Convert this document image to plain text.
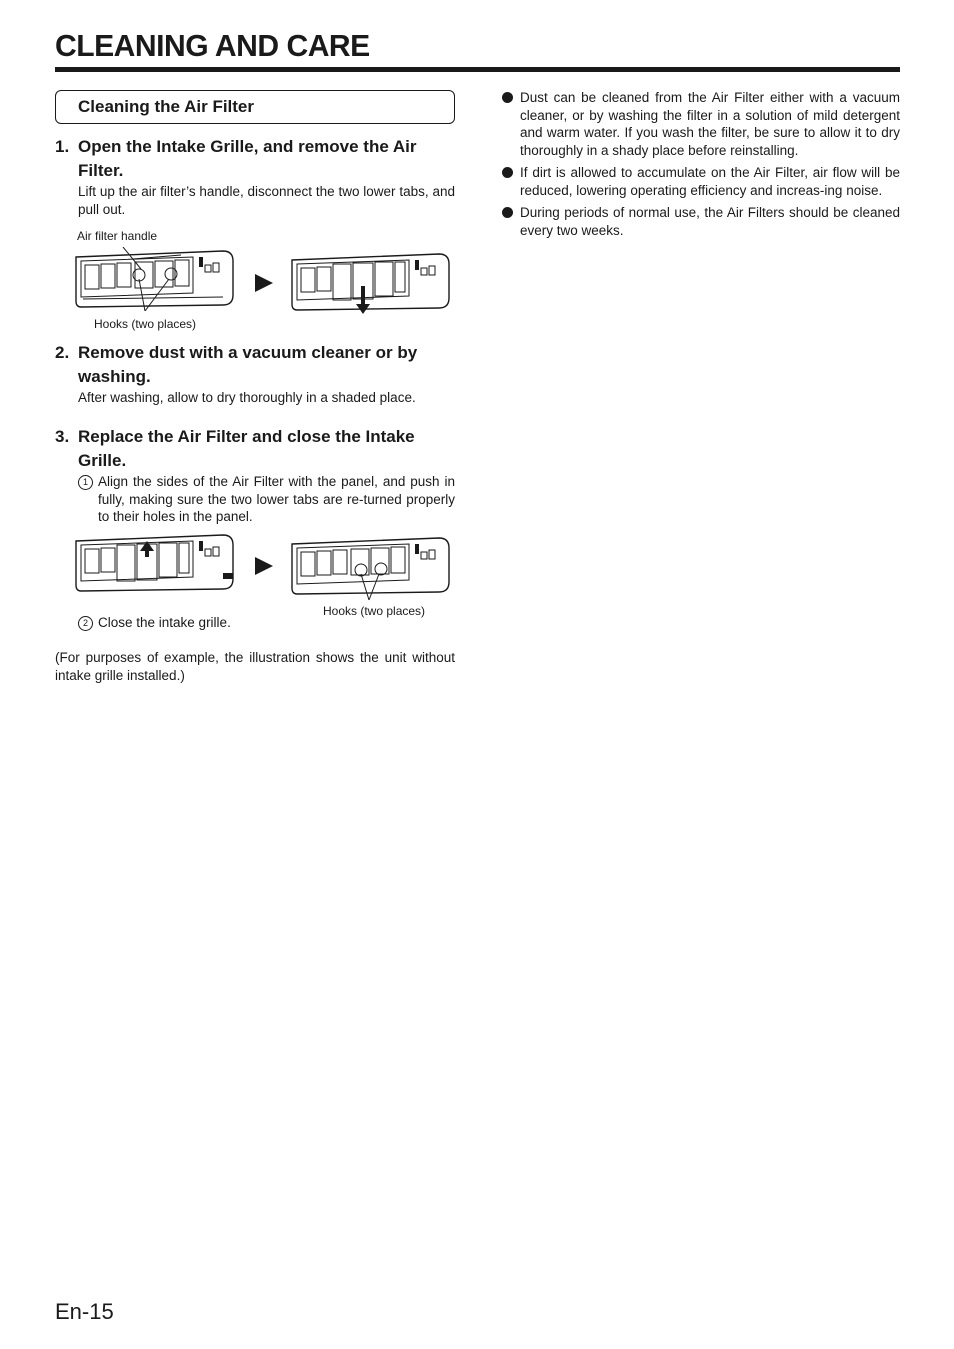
CLEANING AND CARE
Cleaning the Air Filter
1. Open the Intake Grille, and remove the Air Filter.
Lift up the air filter’s handle, disconnect the two lower tabs, and pull out.
Air filter handle
Hooks (two places)
2. Remove dust with a vacuum cleaner or by washing.
After washing, allow to dry thoroughly in a shaded place.
3. Replace the Air Filter and close the Intake Grille.
1 Align the sides of the Air Filter with the panel, and push in fully, making sure the two lower tabs are re-turned properly to their holes in the panel.
Hooks (two places)
2 Close the intake grille.
(For purposes of example, the illustration shows the unit without intake grille installed.)
Dust can be cleaned from the Air Filter either with a vacuum cleaner, or by washing the filter in a solution of mild detergent and warm water. If you wash the filter, be sure to allow it to dry thoroughly in a shady place before reinstalling.
If dirt is allowed to accumulate on the Air Filter, air flow will be reduced, lowering operating efficiency and increas-ing noise.
During periods of normal use, the Air Filters should be cleaned every two weeks.
En-15
